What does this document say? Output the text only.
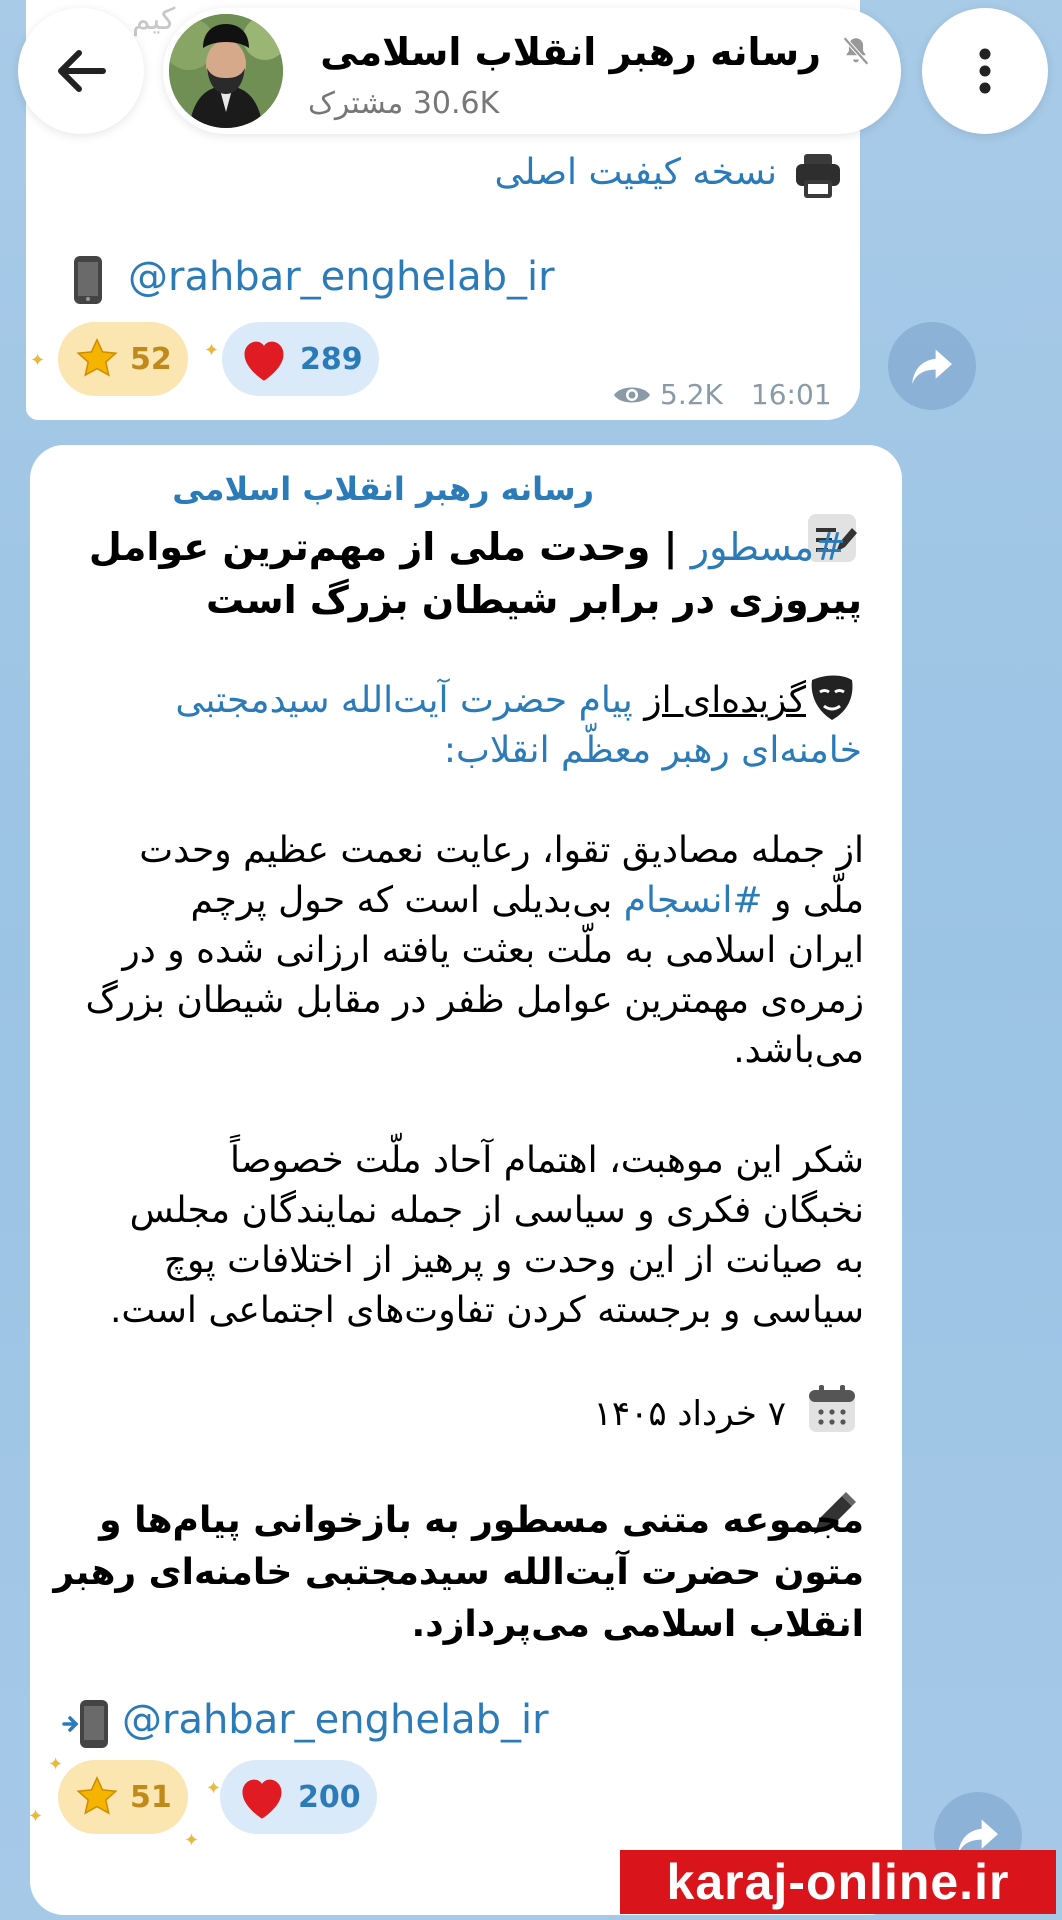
کیم
نسخه کیفیت اصلی
@rahbar_enghelab_ir
52	289
✦	✦
5.2K 16:01
رسانه رهبر انقلاب اسلامی
30.6K مشترک
رسانه رهبر انقلاب اسلامی
#مسطور | وحدت ملی از مهم‌ترین عوامل
پیروزی در برابر شیطان بزرگ است
گزیده‌ای از پیام حضرت آیت‌الله سیدمجتبی
خامنه‌ای رهبر معظّم انقلاب:
از جمله مصادیق تقوا، رعایت نعمت عظیم وحدت
ملّی و #انسجام بی‌بدیلی است که حول پرچم
ایران اسلامی به ملّت بعثت یافته ارزانی شده و در
زمره‌ی مهمترین عوامل ظفر در مقابل شیطان بزرگ
می‌باشد.
شکر این موهبت، اهتمام آحاد ملّت خصوصاً
نخبگان فکری و سیاسی از جمله نمایندگان مجلس
به صیانت از این وحدت و پرهیز از اختلافات پوچ
سیاسی و برجسته کردن تفاوت‌های اجتماعی است.
۷ خرداد ۱۴۰۵
مجموعه متنی مسطور به بازخوانی پیام‌ها و
متون حضرت آیت‌الله سیدمجتبی خامنه‌ای رهبر
انقلاب اسلامی می‌پردازد.
@rahbar_enghelab_ir
51	200
✦
✦
✦
✦
karaj-online.ir
